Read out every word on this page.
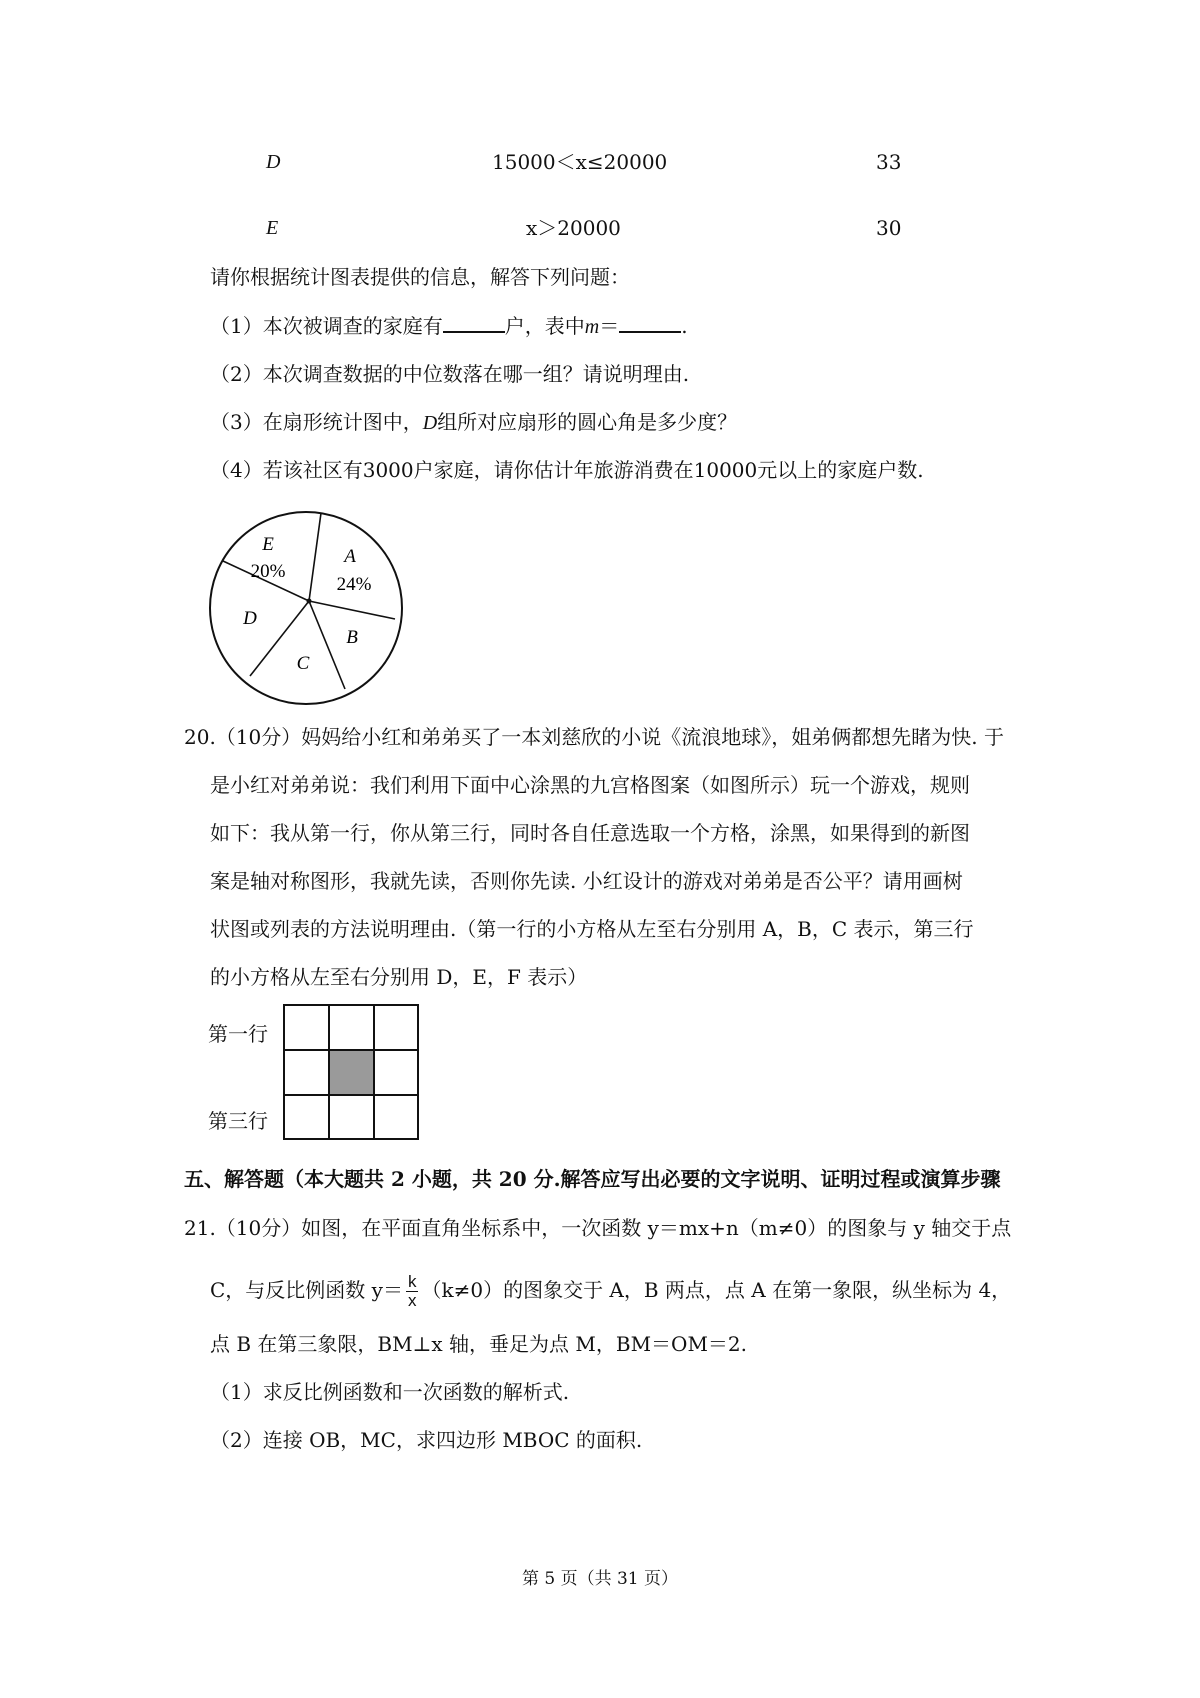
D	15000＜x≤20000	33
E	x＞20000	30
请你根据统计图表提供的信息，解答下列问题：
（1）本次被调查的家庭有	户，表中m＝	.
（2）本次调查数据的中位数落在哪一组？请说明理由.
（3）在扇形统计图中，D组所对应扇形的圆心角是多少度？
（4）若该社区有3000户家庭，请你估计年旅游消费在10000元以上的家庭户数.
E
20%
A
24%
B
C
D
20.（10分）妈妈给小红和弟弟买了一本刘慈欣的小说《流浪地球》，姐弟俩都想先睹为快. 于
是小红对弟弟说：我们利用下面中心涂黑的九宫格图案（如图所示）玩一个游戏，规则
如下：我从第一行，你从第三行，同时各自任意选取一个方格，涂黑，如果得到的新图
案是轴对称图形，我就先读，否则你先读. 小红设计的游戏对弟弟是否公平？请用画树
状图或列表的方法说明理由.（第一行的小方格从左至右分别用 A，B，C 表示，第三行
的小方格从左至右分别用 D，E，F 表示）
第一行
第三行
五、解答题（本大题共 2 小题，共 20 分.解答应写出必要的文字说明、证明过程或演算步骤
21.（10分）如图，在平面直角坐标系中，一次函数 y＝mx+n（m≠0）的图象与 y 轴交于点
C，与反比例函数 $y= \frac{k}{x} (k\ne 0)$的图象交于 A，B 两点，点 A 在第一象限，纵坐标为 4，
点 B 在第三象限，BM⊥x 轴，垂足为点 M，BM＝OM＝2.
（1）求反比例函数和一次函数的解析式.
（2）连接 OB，MC，求四边形 MBOC 的面积.
第 5 页（共 31 页）
